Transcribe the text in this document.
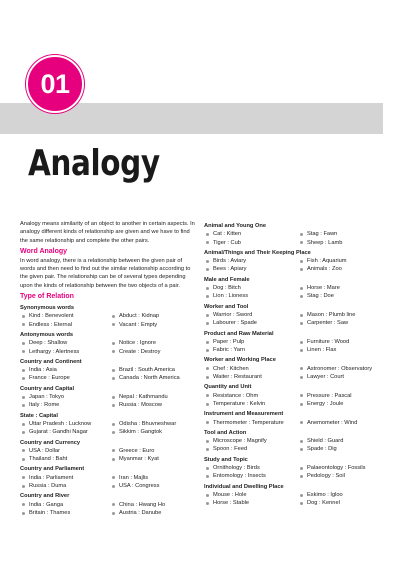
01
Analogy

Analogy means similarity of an object to another in certain aspects. In analogy different kinds of relationship are given and we have to find the same relationship and complete the other pairs.

Word Analogy

In word analogy, there is a relationship between the given pair of words and then need to find out the similar relationship according to the given pair. The relationship can be of several types depending upon the kinds of relationship between the two objects of a pair.

Type of Relation
Synonymous words
Kind : Benevolent	Abduct : Kidnap
Endless : Eternal	Vacant : Empty
Antonymous words
Deep : Shallow	Notice : Ignore
Lethargy : Alertness	Create : Destroy
Country and Continent
India : Asia	Brazil : South America
France : Europe	Canada : North America
Country and Capital
Japan : Tokyo	Nepal : Kathmandu
Italy : Rome	Russia : Moscow
State : Capital
Uttar Pradesh : Lucknow	Odisha : Bhuvneshwar
Gujarat : Gandhi Nagar	Sikkim : Gangtok
Country and Currency
USA : Dollar	Greece : Euro
Thailand : Baht	Myanmar : Kyat
Country and Parliament
India : Parliament	Iran : Majlis
Russia : Duma	USA : Congress
Country and River
India : Ganga	China : Hwang Ho
Britain : Thames	Austria : Danube
Animal and Young One
Cat : Kitten	Stag : Fawn
Tiger : Cub	Sheep : Lamb
Animal/Things and Their Keeping Place
Birds : Aviary	Fish : Aquarium
Bees : Apiary	Animals : Zoo
Male and Female
Dog : Bitch	Horse : Mare
Lion : Lioness	Stag : Doe
Worker and Tool
Warrior : Sword	Mason : Plumb line
Labourer : Spade	Carpenter : Saw
Product and Raw Material
Paper : Pulp	Furniture : Wood
Fabric : Yarn	Linen : Flax
Worker and Working Place
Chef : Kitchen	Astronomer : Observatory
Waiter : Restaurant	Lawyer : Court
Quantity and Unit
Resistance : Ohm	Pressure : Pascal
Temperature : Kelvin	Energy : Joule
Instrument and Measurement
Thermometer : Temperature	Anemometer : Wind
Tool and Action
Microscope : Magnify	Shield : Guard
Spoon : Feed	Spade : Dig
Study and Topic
Ornithology : Birds	Palaeontology : Fossils
Entomology : Insects	Pedology : Soil
Individual and Dwelling Place
Mouse : Hole	Eskimo : Igloo
Horse : Stable	Dog : Kennel
